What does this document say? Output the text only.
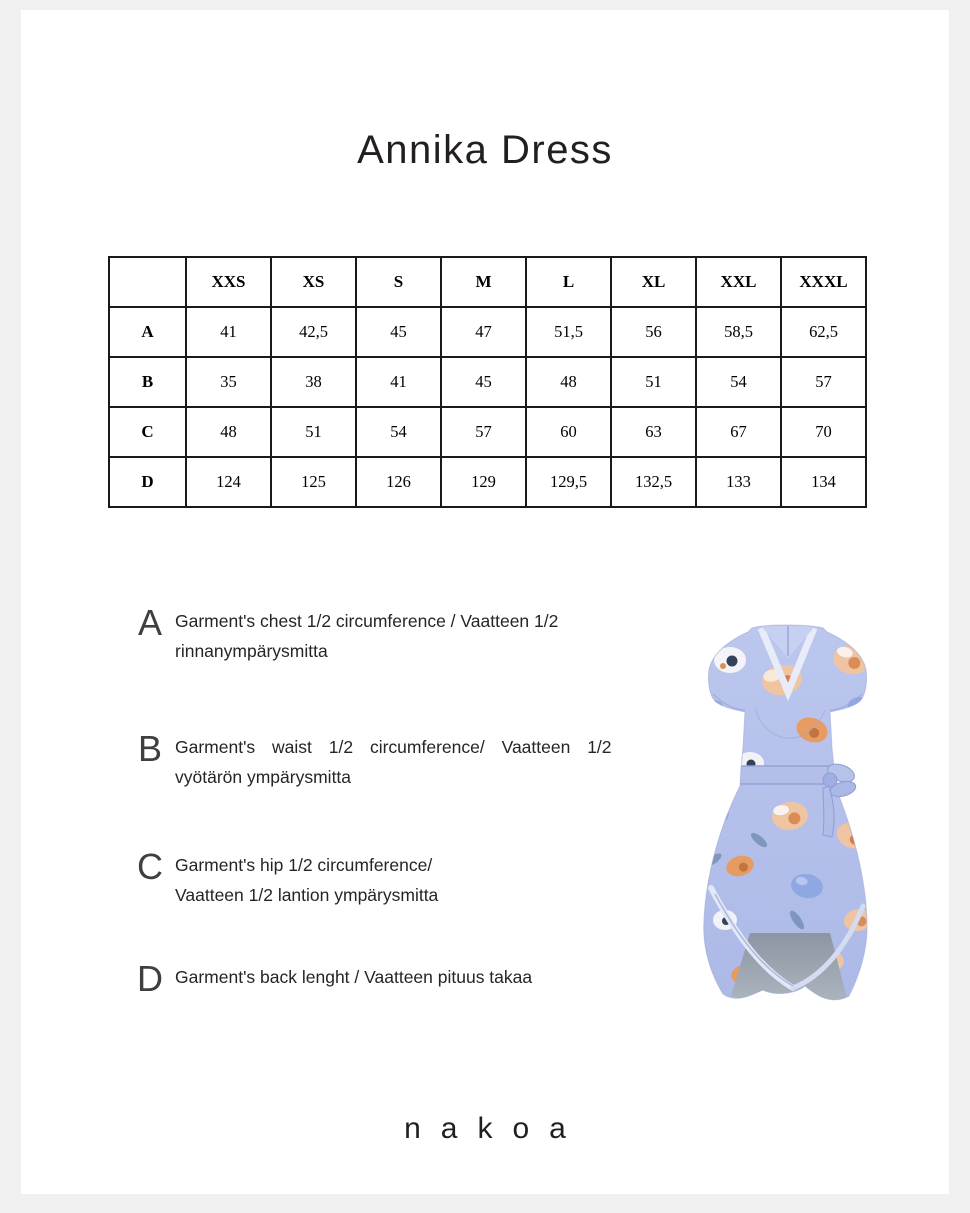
Annika Dress
	XXS	XS	S	M	L	XL	XXL	XXXL
A	41	42,5	45	47	51,5	56	58,5	62,5
B	35	38	41	45	48	51	54	57
C	48	51	54	57	60	63	67	70
D	124	125	126	129	129,5	132,5	133	134
A Garment's chest 1/2 circumference / Vaatteen 1/2
rinnanympärysmitta
B Garment's waist 1/2 circumference/ Vaatteen 1/2
vyötärön ympärysmitta
C Garment's hip 1/2 circumference/
Vaatteen 1/2 lantion ympärysmitta
D Garment's back lenght / Vaatteen pituus takaa
nakoa
